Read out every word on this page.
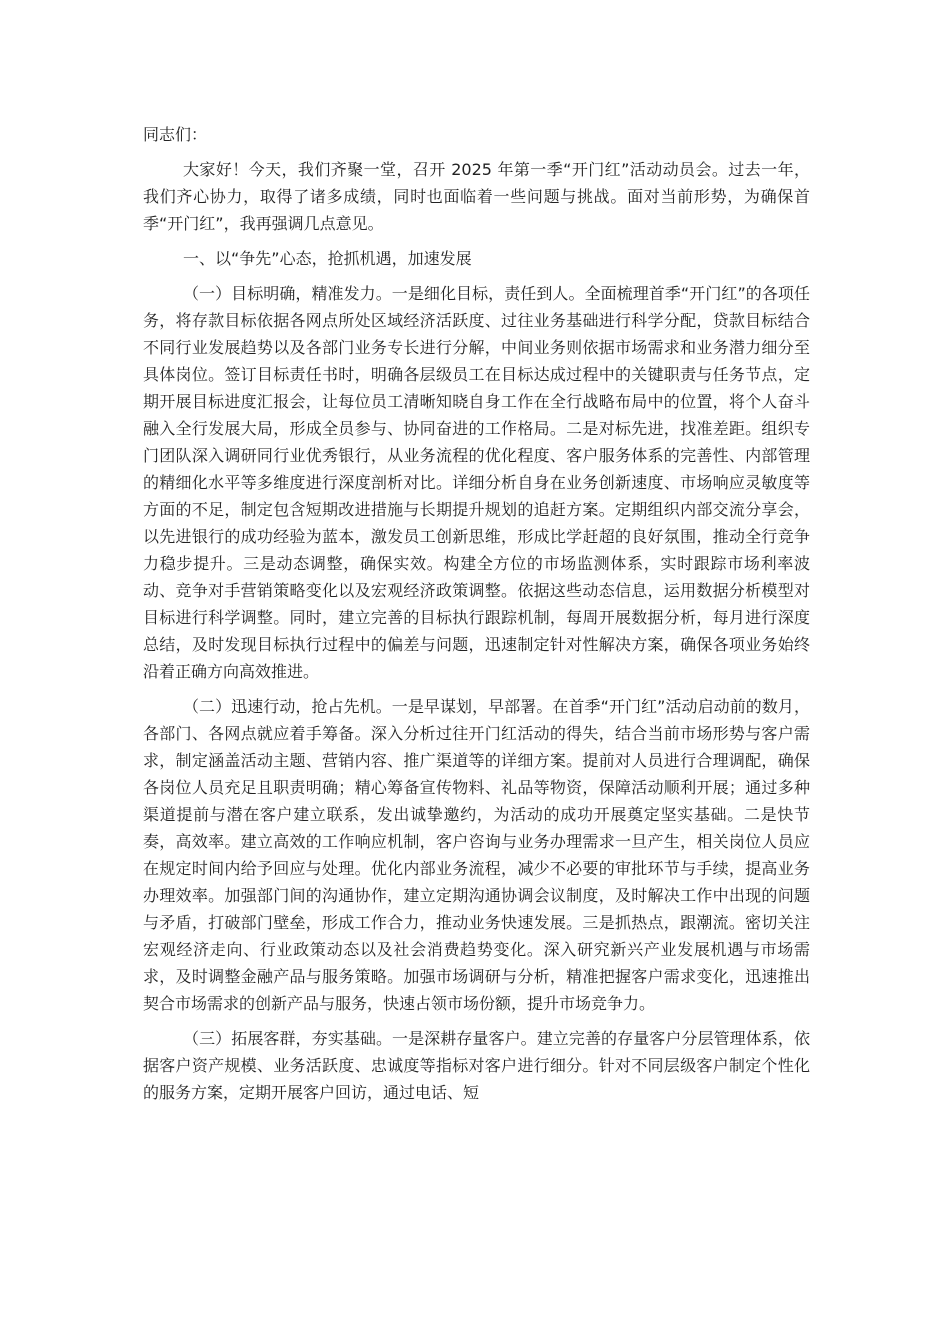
同志们：

大家好！今天，我们齐聚一堂，召开 2025 年第一季“开门红”活动动员会。过去一年，我们齐心协力，取得了诸多成绩，同时也面临着一些问题与挑战。面对当前形势，为确保首季“开门红”，我再强调几点意见。

一、以“争先”心态，抢抓机遇，加速发展

（一）目标明确，精准发力。一是细化目标，责任到人。全面梳理首季“开门红”的各项任务，将存款目标依据各网点所处区域经济活跃度、过往业务基础进行科学分配，贷款目标结合不同行业发展趋势以及各部门业务专长进行分解，中间业务则依据市场需求和业务潜力细分至具体岗位。签订目标责任书时，明确各层级员工在目标达成过程中的关键职责与任务节点，定期开展目标进度汇报会，让每位员工清晰知晓自身工作在全行战略布局中的位置，将个人奋斗融入全行发展大局，形成全员参与、协同奋进的工作格局。二是对标先进，找准差距。组织专门团队深入调研同行业优秀银行，从业务流程的优化程度、客户服务体系的完善性、内部管理的精细化水平等多维度进行深度剖析对比。详细分析自身在业务创新速度、市场响应灵敏度等方面的不足，制定包含短期改进措施与长期提升规划的追赶方案。定期组织内部交流分享会，以先进银行的成功经验为蓝本，激发员工创新思维，形成比学赶超的良好氛围，推动全行竞争力稳步提升。三是动态调整，确保实效。构建全方位的市场监测体系，实时跟踪市场利率波动、竞争对手营销策略变化以及宏观经济政策调整。依据这些动态信息，运用数据分析模型对目标进行科学调整。同时，建立完善的目标执行跟踪机制，每周开展数据分析，每月进行深度总结，及时发现目标执行过程中的偏差与问题，迅速制定针对性解决方案，确保各项业务始终沿着正确方向高效推进。

（二）迅速行动，抢占先机。一是早谋划，早部署。在首季“开门红”活动启动前的数月，各部门、各网点就应着手筹备。深入分析过往开门红活动的得失，结合当前市场形势与客户需求，制定涵盖活动主题、营销内容、推广渠道等的详细方案。提前对人员进行合理调配，确保各岗位人员充足且职责明确；精心筹备宣传物料、礼品等物资，保障活动顺利开展；通过多种渠道提前与潜在客户建立联系，发出诚挚邀约，为活动的成功开展奠定坚实基础。二是快节奏，高效率。建立高效的工作响应机制，客户咨询与业务办理需求一旦产生，相关岗位人员应在规定时间内给予回应与处理。优化内部业务流程，减少不必要的审批环节与手续，提高业务办理效率。加强部门间的沟通协作，建立定期沟通协调会议制度，及时解决工作中出现的问题与矛盾，打破部门壁垒，形成工作合力，推动业务快速发展。三是抓热点，跟潮流。密切关注宏观经济走向、行业政策动态以及社会消费趋势变化。深入研究新兴产业发展机遇与市场需求，及时调整金融产品与服务策略。加强市场调研与分析，精准把握客户需求变化，迅速推出契合市场需求的创新产品与服务，快速占领市场份额，提升市场竞争力。

（三）拓展客群，夯实基础。一是深耕存量客户。建立完善的存量客户分层管理体系，依据客户资产规模、业务活跃度、忠诚度等指标对客户进行细分。针对不同层级客户制定个性化的服务方案，定期开展客户回访，通过电话、短
